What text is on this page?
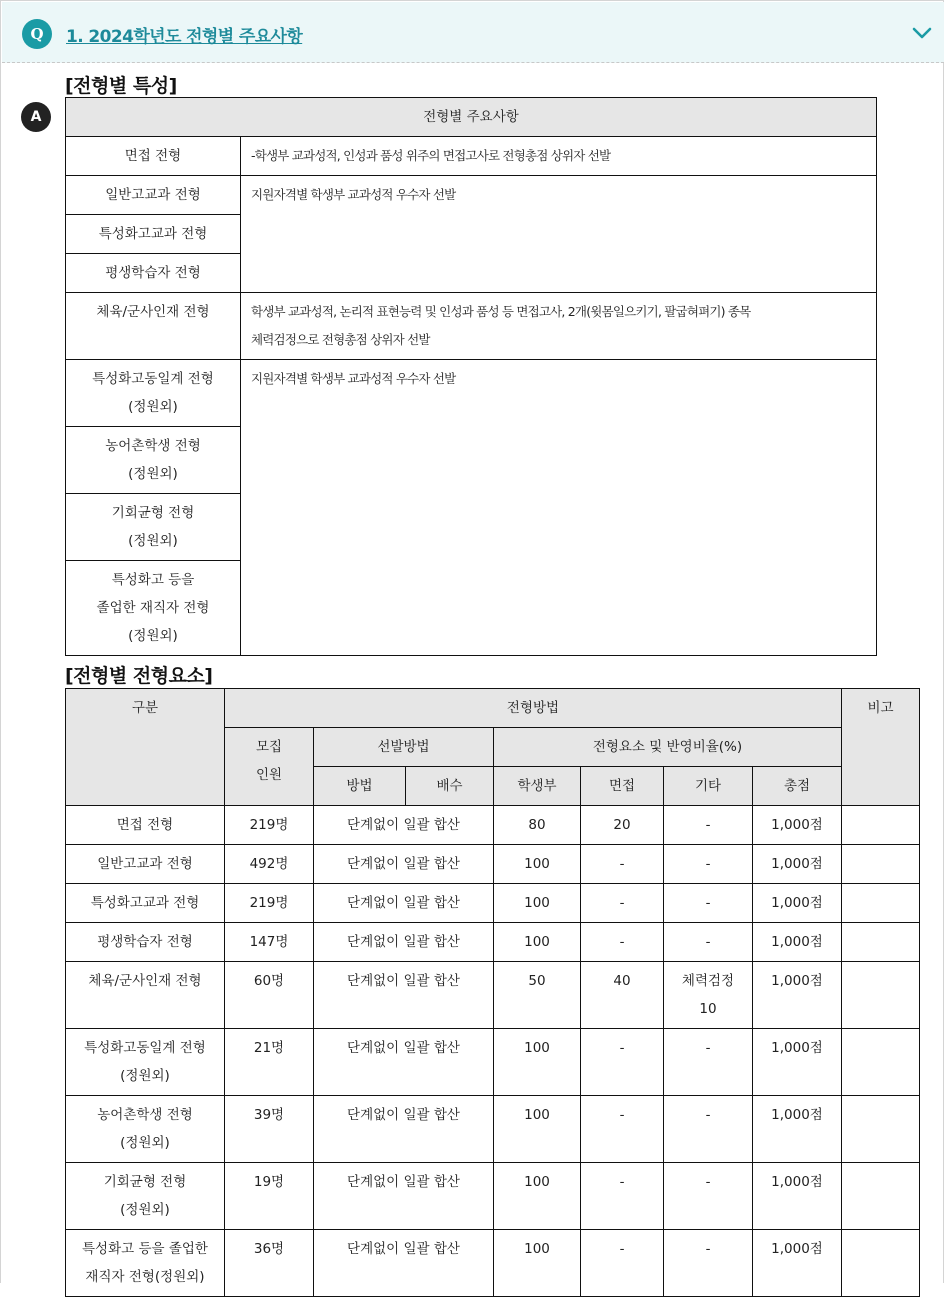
Q	1. 2024학년도 전형별 주요사항
A
[전형별 특성]
전형별 주요사항	

면접 전형	-학생부 교과성적, 인성과 품성 위주의 면접고사로 전형총점 상위자 선발

일반고교과 전형	지원자격별 학생부 교과성적 우수자 선발

특성화고교과 전형	

평생학습자 전형	

체육/군사인재 전형	학생부 교과성적, 논리적 표현능력 및 인성과 품성 등 면접고사, 2개(윗몸일으키기, 팔굽혀펴기) 종목
체력검정으로 전형총점 상위자 선발

특성화고동일계 전형
(정원외)	지원자격별 학생부 교과성적 우수자 선발

농어촌학생 전형
(정원외)	

기회균형 전형
(정원외)	

특성화고 등을
졸업한 재직자 전형
(정원외)	
[전형별 전형요소]
구분	전형방법							비고

	모집
인원	선발방법		전형요소 및 반영비율(%)				
		방법	배수	학생부	면접	기타	총점	

면접 전형	219명	단계없이 일괄 합산		80	20	-	1,000점	

일반고교과 전형	492명	단계없이 일괄 합산		100	-	-	1,000점	

특성화고교과 전형	219명	단계없이 일괄 합산		100	-	-	1,000점	

평생학습자 전형	147명	단계없이 일괄 합산		100	-	-	1,000점	

체육/군사인재 전형	60명	단계없이 일괄 합산		50	40	체력검정
10	1,000점	

특성화고동일계 전형
(정원외)	21명	단계없이 일괄 합산		100	-	-	1,000점	

농어촌학생 전형
(정원외)	39명	단계없이 일괄 합산		100	-	-	1,000점	

기회균형 전형
(정원외)	19명	단계없이 일괄 합산		100	-	-	1,000점	

특성화고 등을 졸업한
재직자 전형(정원외)	36명	단계없이 일괄 합산		100	-	-	1,000점	
